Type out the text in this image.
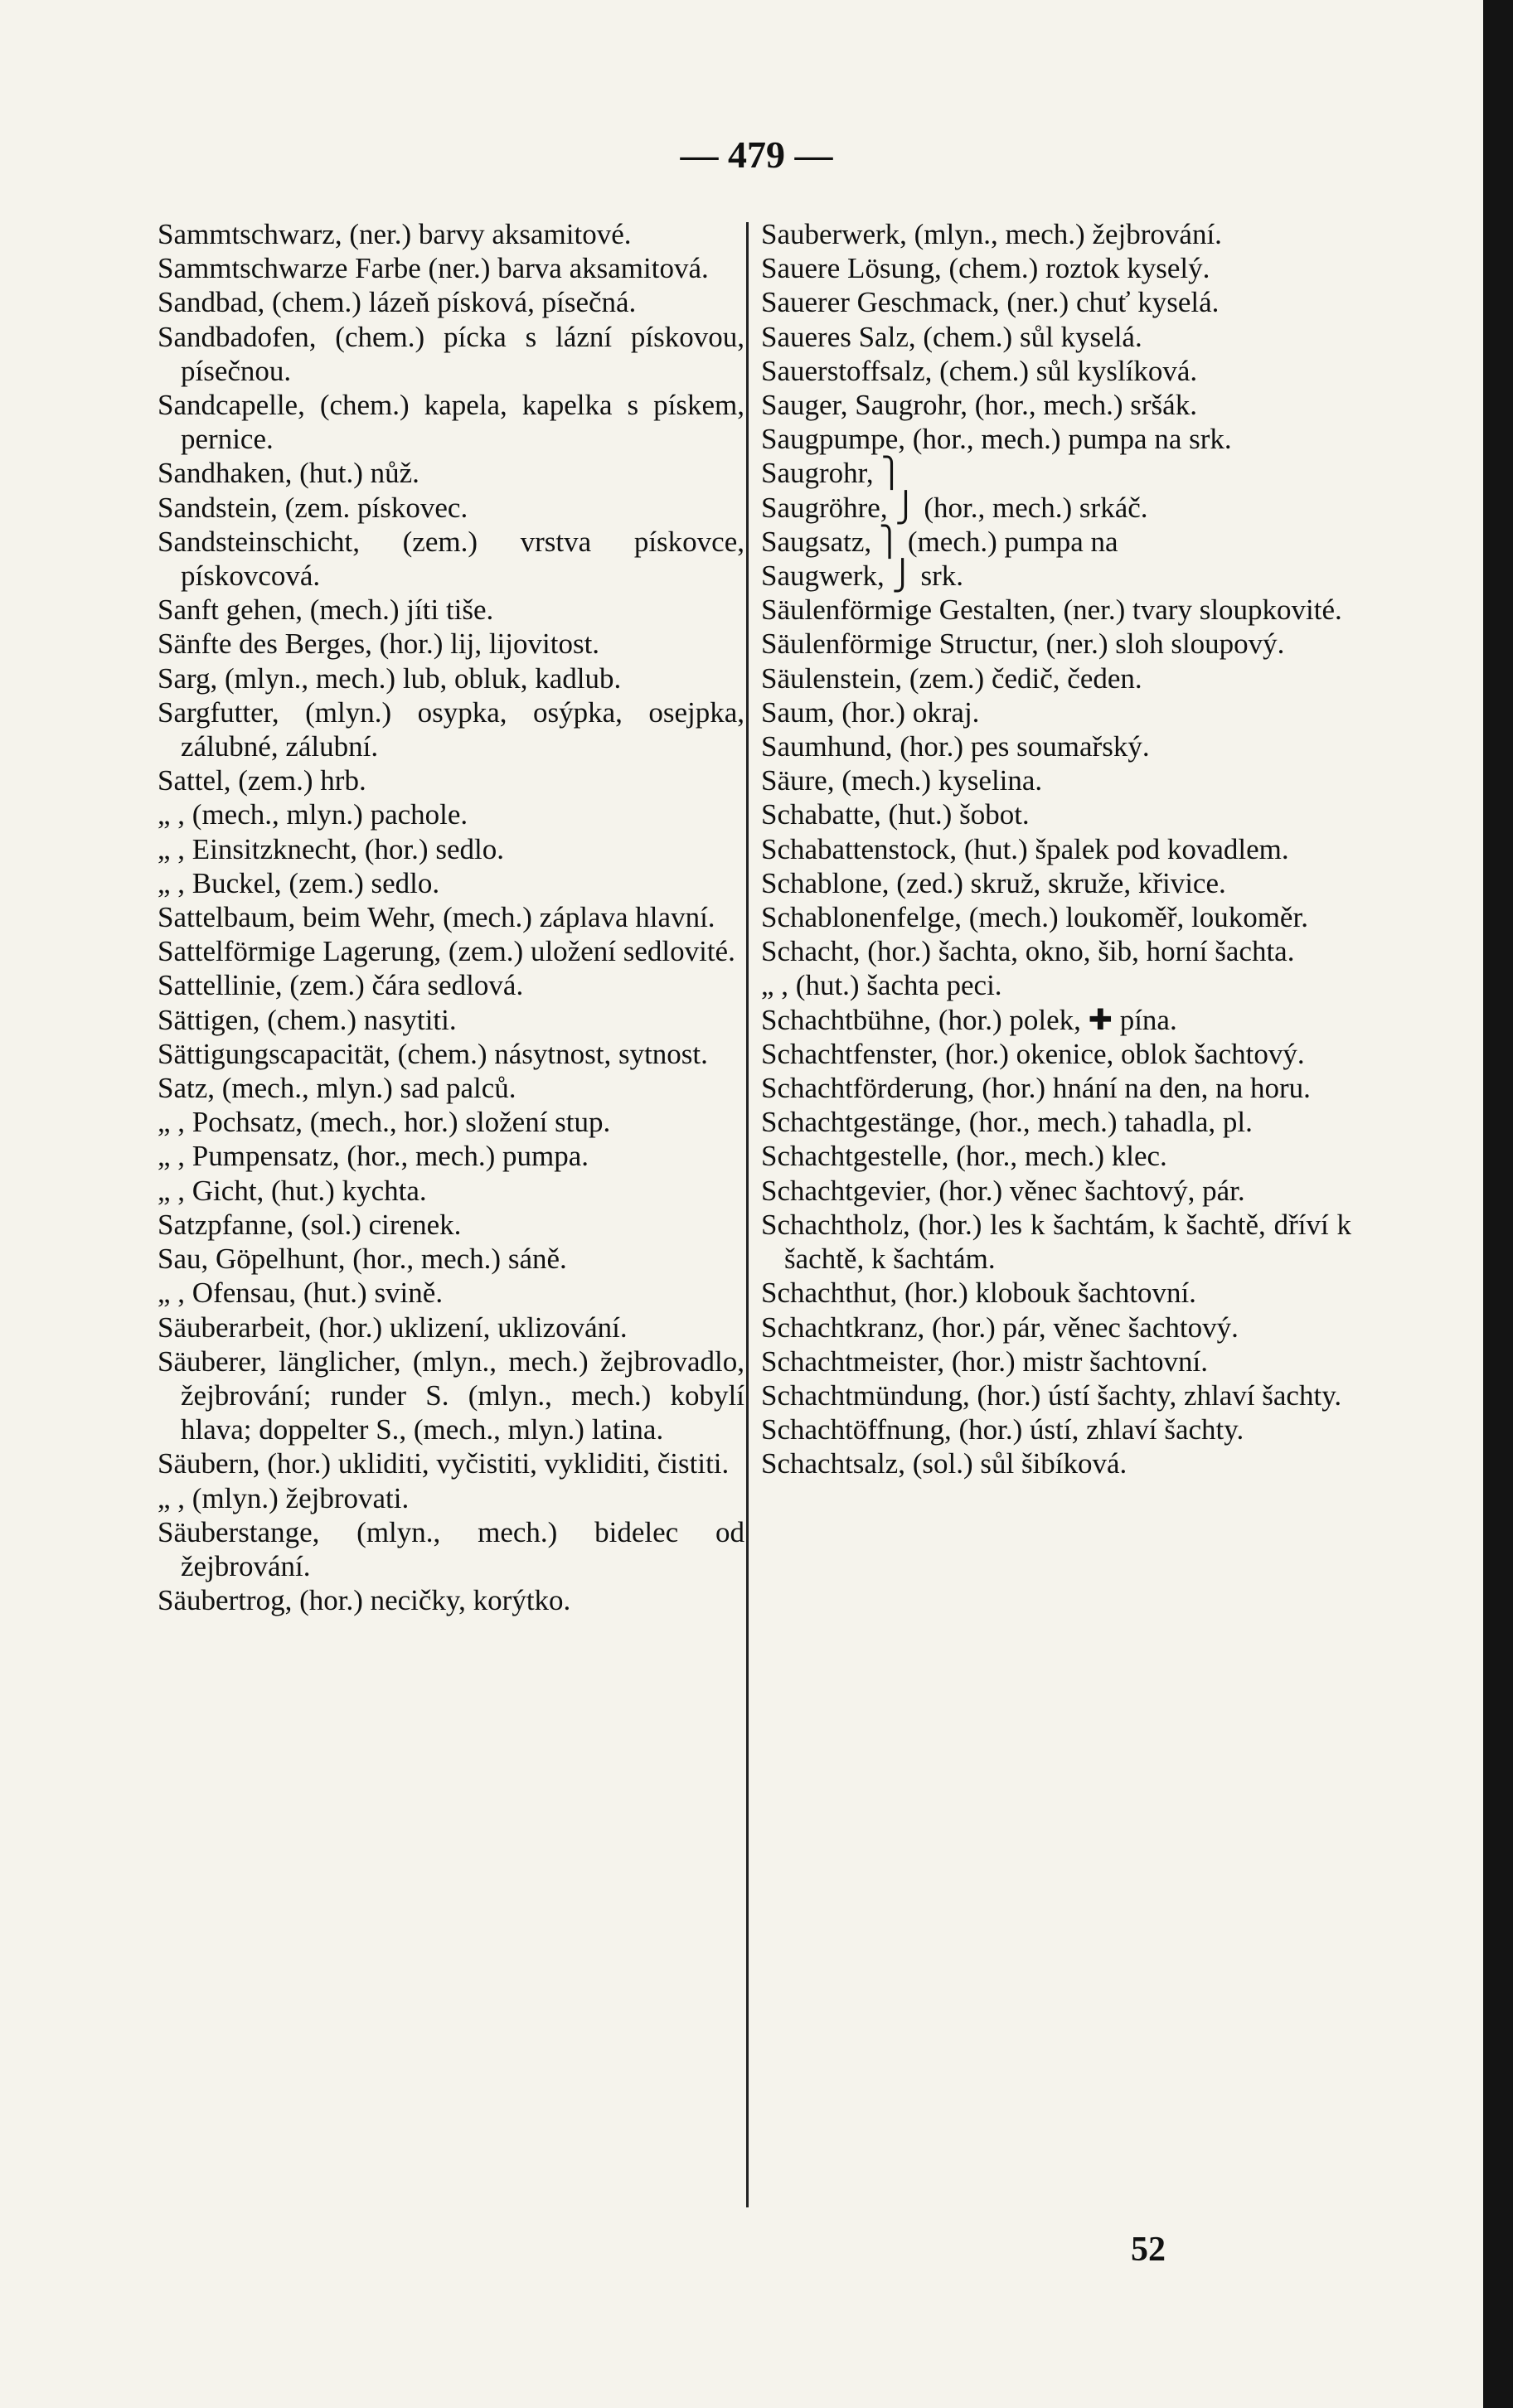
— 479 —

Sammtschwarz, (ner.) barvy aksamitové.

Sammtschwarze Farbe (ner.) barva aksamitová.

Sandbad, (chem.) lázeň písková, písečná.

Sandbadofen, (chem.) pícka s lázní pískovou, písečnou.

Sandcapelle, (chem.) kapela, kapelka s pískem, pernice.

Sandhaken, (hut.) nůž.

Sandstein, (zem. pískovec.

Sandsteinschicht, (zem.) vrstva pískovce, pískovcová.

Sanft gehen, (mech.) jíti tiše.

Sänfte des Berges, (hor.) lij, lijovitost.

Sarg, (mlyn., mech.) lub, obluk, kadlub.

Sargfutter, (mlyn.) osypka, osýpka, osejpka, zálubné, zálubní.

Sattel, (zem.) hrb.

„ , (mech., mlyn.) pachole.

„ , Einsitzknecht, (hor.) sedlo.

„ , Buckel, (zem.) sedlo.

Sattelbaum, beim Wehr, (mech.) záplava hlavní.

Sattelförmige Lagerung, (zem.) uložení sedlovité.

Sattellinie, (zem.) čára sedlová.

Sättigen, (chem.) nasytiti.

Sättigungscapacität, (chem.) násytnost, sytnost.

Satz, (mech., mlyn.) sad palců.

„ , Pochsatz, (mech., hor.) složení stup.

„ , Pumpensatz, (hor., mech.) pumpa.

„ , Gicht, (hut.) kychta.

Satzpfanne, (sol.) cirenek.

Sau, Göpelhunt, (hor., mech.) sáně.

„ , Ofensau, (hut.) svině.

Säuberarbeit, (hor.) uklizení, uklizování.

Säuberer, länglicher, (mlyn., mech.) žejbrovadlo, žejbrování; runder S. (mlyn., mech.) kobylí hlava; doppelter S., (mech., mlyn.) latina.

Säubern, (hor.) ukliditi, vyčistiti, vykliditi, čistiti.

„ , (mlyn.) žejbrovati.

Säuberstange, (mlyn., mech.) bidelec od žejbrování.

Säubertrog, (hor.) necičky, korýtko.

Sauberwerk, (mlyn., mech.) žejbrování.

Sauere Lösung, (chem.) roztok kyselý.

Sauerer Geschmack, (ner.) chuť kyselá.

Saueres Salz, (chem.) sůl kyselá.

Sauerstoffsalz, (chem.) sůl kyslíková.

Sauger, Saugrohr, (hor., mech.) sršák.

Saugpumpe, (hor., mech.) pumpa na srk.

Saugrohr, ⎫

Saugröhre, ⎭ (hor., mech.) srkáč.

Saugsatz, ⎫ (mech.) pumpa na

Saugwerk, ⎭ srk.

Säulenförmige Gestalten, (ner.) tvary sloupkovité.

Säulenförmige Structur, (ner.) sloh sloupový.

Säulenstein, (zem.) čedič, čeden.

Saum, (hor.) okraj.

Saumhund, (hor.) pes soumařský.

Säure, (mech.) kyselina.

Schabatte, (hut.) šobot.

Schabattenstock, (hut.) špalek pod kovadlem.

Schablone, (zed.) skruž, skruže, křivice.

Schablonenfelge, (mech.) loukoměř, loukoměr.

Schacht, (hor.) šachta, okno, šib, horní šachta.

„ , (hut.) šachta peci.

Schachtbühne, (hor.) polek, ✚ pína.

Schachtfenster, (hor.) okenice, oblok šachtový.

Schachtförderung, (hor.) hnání na den, na horu.

Schachtgestänge, (hor., mech.) tahadla, pl.

Schachtgestelle, (hor., mech.) klec.

Schachtgevier, (hor.) věnec šachtový, pár.

Schachtholz, (hor.) les k šachtám, k šachtě, dříví k šachtě, k šachtám.

Schachthut, (hor.) klobouk šachtovní.

Schachtkranz, (hor.) pár, věnec šachtový.

Schachtmeister, (hor.) mistr šachtovní.

Schachtmündung, (hor.) ústí šachty, zhlaví šachty.

Schachtöffnung, (hor.) ústí, zhlaví šachty.

Schachtsalz, (sol.) sůl šibíková.

52
